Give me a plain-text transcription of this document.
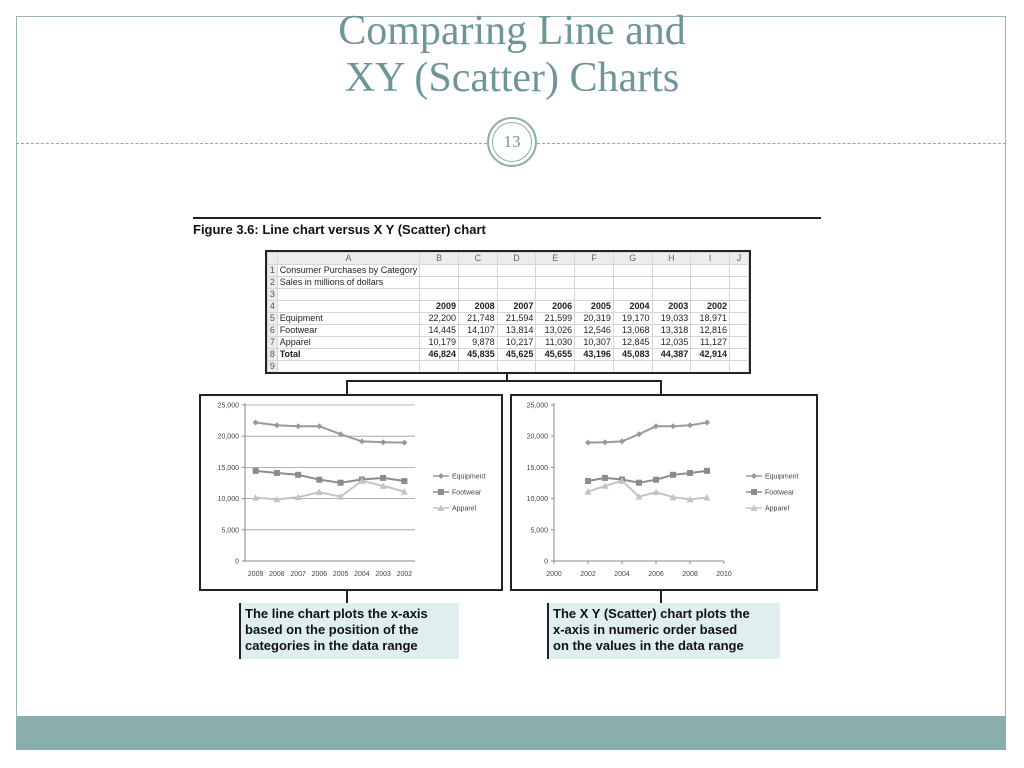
Comparing Line and
XY (Scatter) Charts
13
Figure 3.6: Line chart versus X Y (Scatter) chart
	A	B	C	D	E	F	G	H	I	J
1	Consumer Purchases by Category									
2	Sales in millions of dollars									
3										
4		2009	2008	2007	2006	2005	2004	2003	2002	
5	Equipment	22,200	21,748	21,594	21,599	20,319	19,170	19,033	18,971	
6	Footwear	14,445	14,107	13,814	13,026	12,546	13,068	13,318	12,816	
7	Apparel	10,179	9,878	10,217	11,030	10,307	12,845	12,035	11,127	
8	Total	46,824	45,835	45,625	45,655	43,196	45,083	44,387	42,914	
9										
0
5,000
10,000
15,000
20,000
25,000
2009 2008 2007 2006 2005 2004 2003 2002
Equipment
Footwear
Apparel
0
5,000
10,000
15,000
20,000
25,000
2000	2002	2004	2006	2008	2010
Equipment
Footwear
Apparel
The line chart plots the x-axis
based on the position of the
categories in the data range
The X Y (Scatter) chart plots the
x-axis in numeric order based
on the values in the data range
